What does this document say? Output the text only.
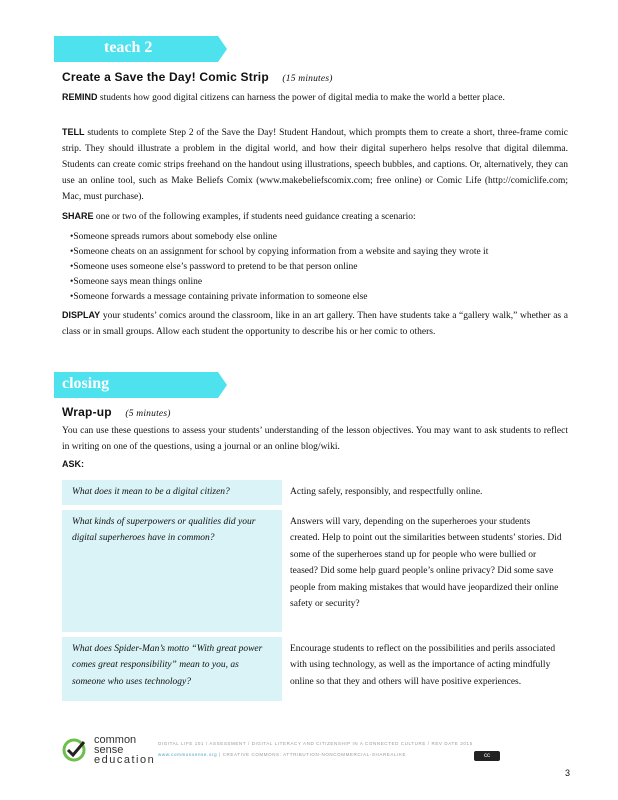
teach 2
Create a Save the Day! Comic Strip (15 minutes)
REMIND students how good digital citizens can harness the power of digital media to make the world a better place.
TELL students to complete Step 2 of the Save the Day! Student Handout, which prompts them to create a short, three-frame comic strip. They should illustrate a problem in the digital world, and how their digital superhero helps resolve that digital dilemma. Students can create comic strips freehand on the handout using illustrations, speech bubbles, and captions. Or, alternatively, they can use an online tool, such as Make Beliefs Comix (www.makebeliefscomix.com; free online) or Comic Life (http://comiclife.com; Mac, must purchase).
SHARE one or two of the following examples, if students need guidance creating a scenario:
•Someone spreads rumors about somebody else online
•Someone cheats on an assignment for school by copying information from a website and saying they wrote it
•Someone uses someone else’s password to pretend to be that person online
•Someone says mean things online
•Someone forwards a message containing private information to someone else
DISPLAY your students’ comics around the classroom, like in an art gallery. Then have students take a “gallery walk,” whether as a class or in small groups. Allow each student the opportunity to describe his or her comic to others.
closing
Wrap-up (5 minutes)
You can use these questions to assess your students’ understanding of the lesson objectives. You may want to ask students to reflect in writing on one of the questions, using a journal or an online blog/wiki.
ASK:
What does it mean to be a digital citizen?	Acting safely, responsibly, and respectfully online.
What kinds of superpowers or qualities did your digital superheroes have in common?	Answers will vary, depending on the superheroes your students created. Help to point out the similarities between students’ stories. Did some of the superheroes stand up for people who were bullied or teased? Did some help guard people’s online privacy? Did some save people from making mistakes that would have jeopardized their online safety or security?
What does Spider-Man’s motto “With great power comes great responsibility” mean to you, as someone who uses technology?	Encourage students to reflect on the possibilities and perils associated with using technology, as well as the importance of acting mindfully online so that they and others will have positive experiences.
common
sense
education
DIGITAL LIFE 101 / ASSESSMENT / DIGITAL LITERACY AND CITIZENSHIP IN A CONNECTED CULTURE / REV DATE 2015
www.commonsense.org | CREATIVE COMMONS: ATTRIBUTION-NONCOMMERCIAL-SHAREALIKE	cc
3
